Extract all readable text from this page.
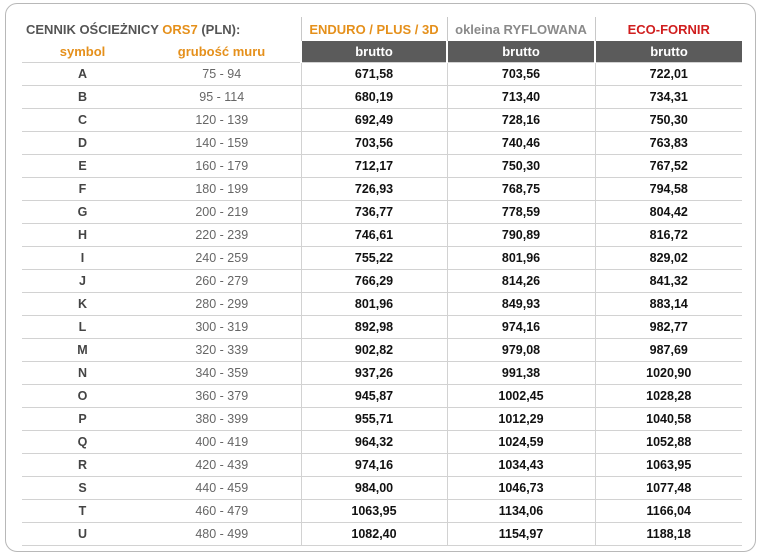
CENNIK OŚCIEŻNICY ORS7 (PLN):		ENDURO / PLUS / 3D	okleina RYFLOWANA	ECO-FORNIR
symbol	grubość muru	brutto	brutto	brutto
A	75 - 94	671,58	703,56	722,01
B	95 - 114	680,19	713,40	734,31
C	120 - 139	692,49	728,16	750,30
D	140 - 159	703,56	740,46	763,83
E	160 - 179	712,17	750,30	767,52
F	180 - 199	726,93	768,75	794,58
G	200 - 219	736,77	778,59	804,42
H	220 - 239	746,61	790,89	816,72
I	240 - 259	755,22	801,96	829,02
J	260 - 279	766,29	814,26	841,32
K	280 - 299	801,96	849,93	883,14
L	300 - 319	892,98	974,16	982,77
M	320 - 339	902,82	979,08	987,69
N	340 - 359	937,26	991,38	1020,90
O	360 - 379	945,87	1002,45	1028,28
P	380 - 399	955,71	1012,29	1040,58
Q	400 - 419	964,32	1024,59	1052,88
R	420 - 439	974,16	1034,43	1063,95
S	440 - 459	984,00	1046,73	1077,48
T	460 - 479	1063,95	1134,06	1166,04
U	480 - 499	1082,40	1154,97	1188,18
